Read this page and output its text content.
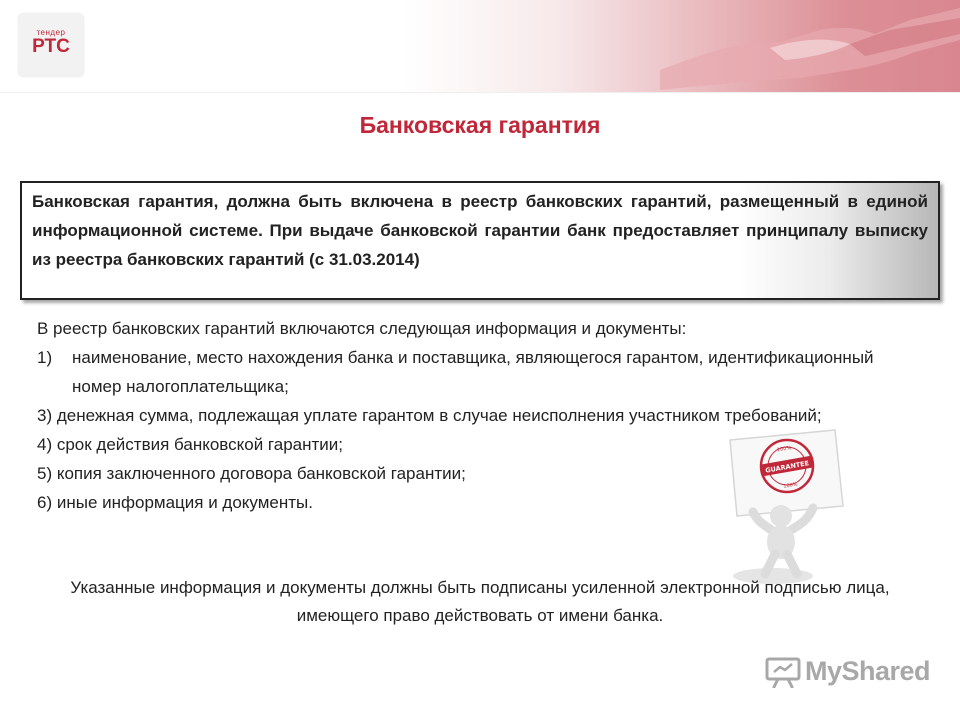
тендер
РТС
Банковская гарантия
Банковская гарантия, должна быть включена в реестр банковских гарантий, размещенный в единой информационной системе. При выдаче банковской гарантии банк предоставляет принципалу выписку из реестра банковских гарантий (с 31.03.2014)

В реестр банковских гарантий включаются следующая информация и документы:

1) наименование, место нахождения банка и поставщика, являющегося гарантом, идентификационный номер налогоплательщика;

3) денежная сумма, подлежащая уплате гарантом в случае неисполнения участником требований;

4) срок действия банковской гарантии;

5) копия заключенного договора банковской гарантии;

6) иные информация и документы.

GUARANTEE
100%
100%
Указанные информация и документы должны быть подписаны усиленной электронной подписью лица, имеющего право действовать от имени банка.
MyShared
